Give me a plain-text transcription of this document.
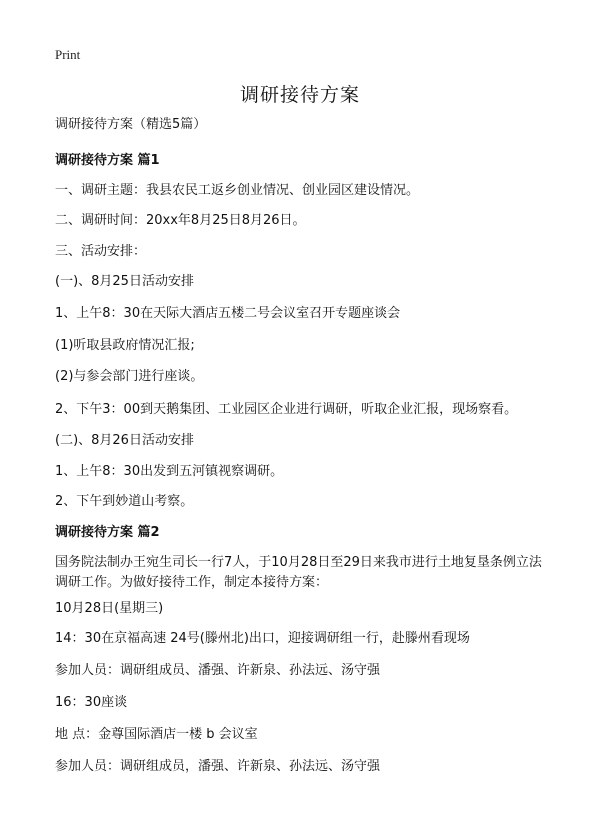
Print
调研接待方案
调研接待方案（精选5篇）
调研接待方案 篇1
一、调研主题：我县农民工返乡创业情况、创业园区建设情况。
二、调研时间：20xx年8月25日8月26日。
三、活动安排：
(一)、8月25日活动安排
1、上午8：30在天际大酒店五楼二号会议室召开专题座谈会
(1)听取县政府情况汇报;
(2)与参会部门进行座谈。
2、下午3：00到天鹅集团、工业园区企业进行调研，听取企业汇报，现场察看。
(二)、8月26日活动安排
1、上午8：30出发到五河镇视察调研。
2、下午到妙道山考察。
调研接待方案 篇2
国务院法制办王宛生司长一行7人，于10月28日至29日来我市进行土地复垦条例立法调研工作。为做好接待工作，制定本接待方案：
10月28日(星期三)
14：30在京福高速 24号(滕州北)出口，迎接调研组一行，赴滕州看现场
参加人员：调研组成员、潘强、许新泉、孙法远、汤守强
16：30座谈
地 点：金尊国际酒店一楼 b 会议室
参加人员：调研组成员，潘强、许新泉、孙法远、汤守强
